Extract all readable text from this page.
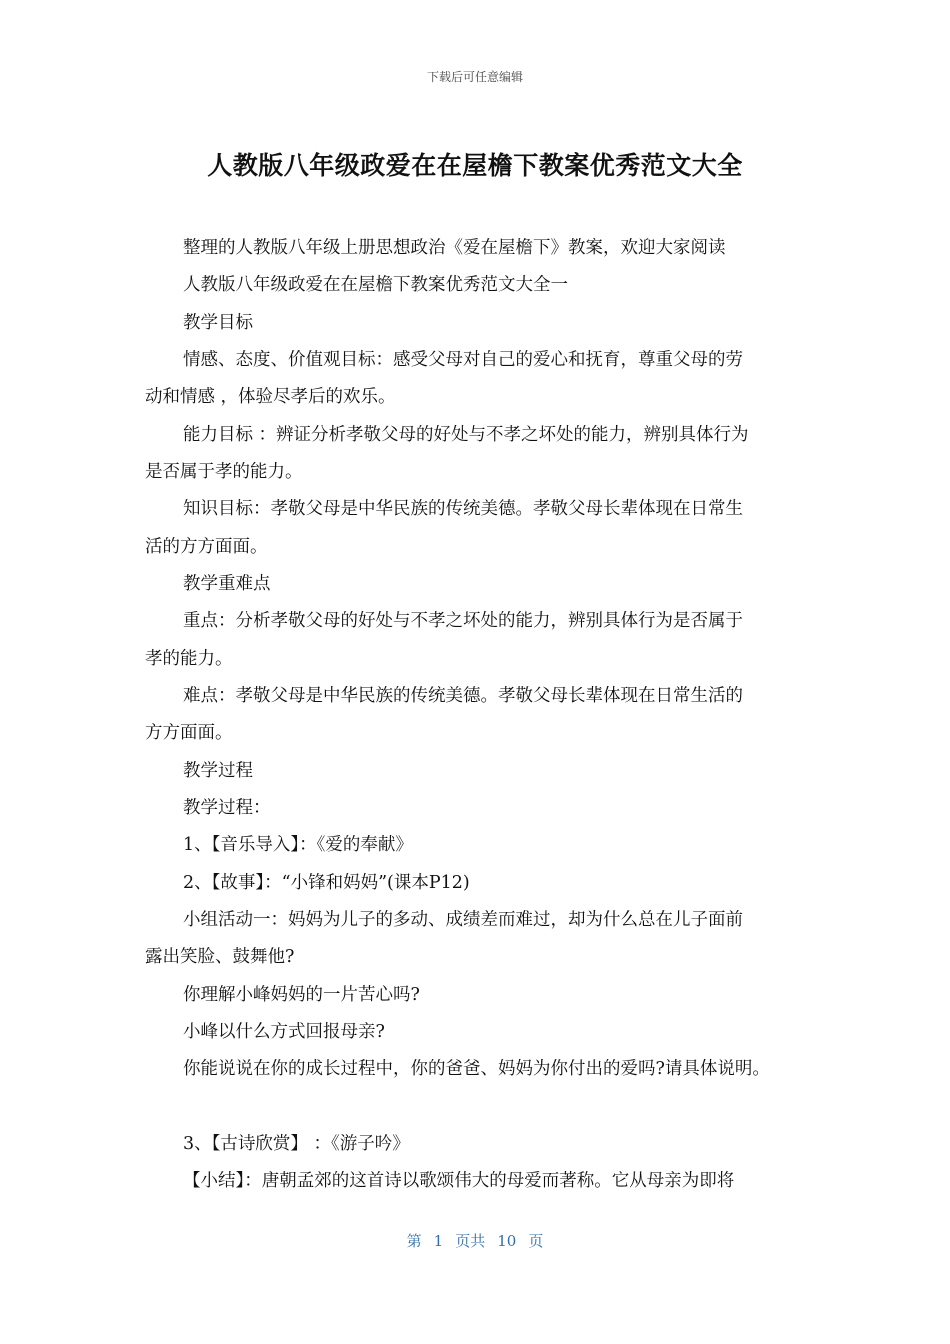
下载后可任意编辑
人教版八年级政爱在在屋檐下教案优秀范文大全
整理的人教版八年级上册思想政治《爱在屋檐下》教案，欢迎大家阅读
人教版八年级政爱在在屋檐下教案优秀范文大全一
教学目标
情感、态度、价值观目标：感受父母对自己的爱心和抚育，尊重父母的劳
动和情感 ，体验尽孝后的欢乐。
能力目标 ：辨证分析孝敬父母的好处与不孝之坏处的能力，辨别具体行为
是否属于孝的能力。
知识目标：孝敬父母是中华民族的传统美德。孝敬父母长辈体现在日常生
活的方方面面。
教学重难点
重点：分析孝敬父母的好处与不孝之坏处的能力，辨别具体行为是否属于
孝的能力。
难点：孝敬父母是中华民族的传统美德。孝敬父母长辈体现在日常生活的
方方面面。
教学过程
教学过程：
1、【音乐导入】：《爱的奉献》
2、【故事】：“小锋和妈妈”(课本P12)
小组活动一：妈妈为儿子的多动、成绩差而难过，却为什么总在儿子面前
露出笑脸、鼓舞他?
你理解小峰妈妈的一片苦心吗?
小峰以什么方式回报母亲?
你能说说在你的成长过程中，你的爸爸、妈妈为你付出的爱吗?请具体说明。
3、【古诗欣赏】 ：《游子吟》
【小结】：唐朝孟郊的这首诗以歌颂伟大的母爱而著称。它从母亲为即将
第 1 页共 10 页
